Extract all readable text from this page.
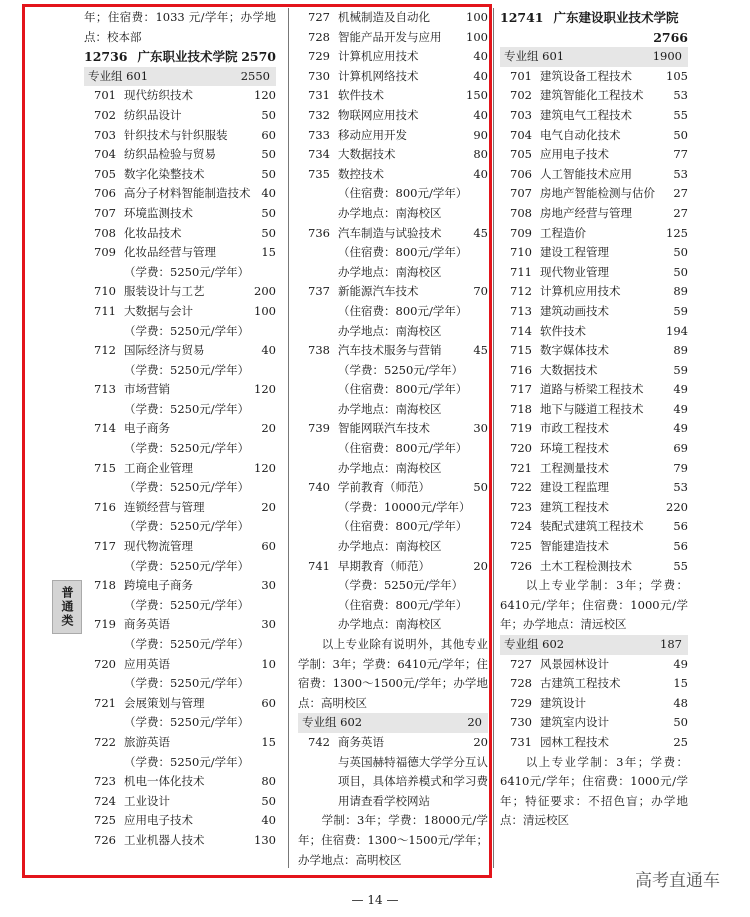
年；住宿费：1033 元/学年；办学地点：校本部
12736 广东职业技术学院 2570
专业组 601	2550
701 现代纺织技术	120
702 纺织品设计	50
703 针织技术与针织服装	60
704 纺织品检验与贸易	50
705 数字化染整技术	50
706 高分子材料智能制造技术 40
707 环境监测技术	50
708 化妆品技术	50
709 化妆品经营与管理	15
（学费：5250元/学年）
710 服装设计与工艺	200
711 大数据与会计	100
（学费：5250元/学年）
712 国际经济与贸易	40
（学费：5250元/学年）
713 市场营销	120
（学费：5250元/学年）
714 电子商务	20
（学费：5250元/学年）
715 工商企业管理	120
（学费：5250元/学年）
716 连锁经营与管理	20
（学费：5250元/学年）
717 现代物流管理	60
（学费：5250元/学年）
718 跨境电子商务	30
（学费：5250元/学年）
719 商务英语	30
（学费：5250元/学年）
720 应用英语	10
（学费：5250元/学年）
721 会展策划与管理	60
（学费：5250元/学年）
722 旅游英语	15
（学费：5250元/学年）
723 机电一体化技术	80
724 工业设计	50
725 应用电子技术	40
726 工业机器人技术	130
727 机械制造及自动化	100
728 智能产品开发与应用	100
729 计算机应用技术	40
730 计算机网络技术	40
731 软件技术	150
732 物联网应用技术	40
733 移动应用开发	90
734 大数据技术	80
735 数控技术	40
（住宿费：800元/学年）
办学地点：南海校区
736 汽车制造与试验技术	45
（住宿费：800元/学年）
办学地点：南海校区
737 新能源汽车技术	70
（住宿费：800元/学年）
办学地点：南海校区
738 汽车技术服务与营销	45
（学费：5250元/学年）
（住宿费：800元/学年）
办学地点：南海校区
739 智能网联汽车技术	30
（住宿费：800元/学年）
办学地点：南海校区
740 学前教育（师范）	50
（学费：10000元/学年）
（住宿费：800元/学年）
办学地点：南海校区
741 早期教育（师范）	20
（学费：5250元/学年）
（住宿费：800元/学年）
办学地点：南海校区
　　以上专业除有说明外，其他专业学制：3年；学费：6410元/学年；住宿费：1300～1500元/学年；办学地点：高明校区
专业组 602	20
742 商务英语	20
与英国赫特福德大学学分互认项目，具体培养模式和学习费用请查看学校网站
　　学制：3年；学费：18000元/学年；住宿费：1300～1500元/学年；办学地点：高明校区
12741 广东建设职业技术学院
2766
专业组 601	1900
701 建筑设备工程技术	105
702 建筑智能化工程技术	53
703 建筑电气工程技术	55
704 电气自动化技术	50
705 应用电子技术	77
706 人工智能技术应用	53
707 房地产智能检测与估价	27
708 房地产经营与管理	27
709 工程造价	125
710 建设工程管理	50
711 现代物业管理	50
712 计算机应用技术	89
713 建筑动画技术	59
714 软件技术	194
715 数字媒体技术	89
716 大数据技术	59
717 道路与桥梁工程技术	49
718 地下与隧道工程技术	49
719 市政工程技术	49
720 环境工程技术	69
721 工程测量技术	79
722 建设工程监理	53
723 建筑工程技术	220
724 装配式建筑工程技术	56
725 智能建造技术	56
726 土木工程检测技术	55
　　以上专业学制：3年；学费：6410元/学年；住宿费：1000元/学年；办学地点：清远校区
专业组 602	187
727 风景园林设计	49
728 古建筑工程技术	15
729 建筑设计	48
730 建筑室内设计	50
731 园林工程技术	25
　　以上专业学制：3年；学费：6410元/学年；住宿费：1000元/学年；特征要求：不招色盲；办学地点：清远校区
普通类
— 14 —
高考直通车
